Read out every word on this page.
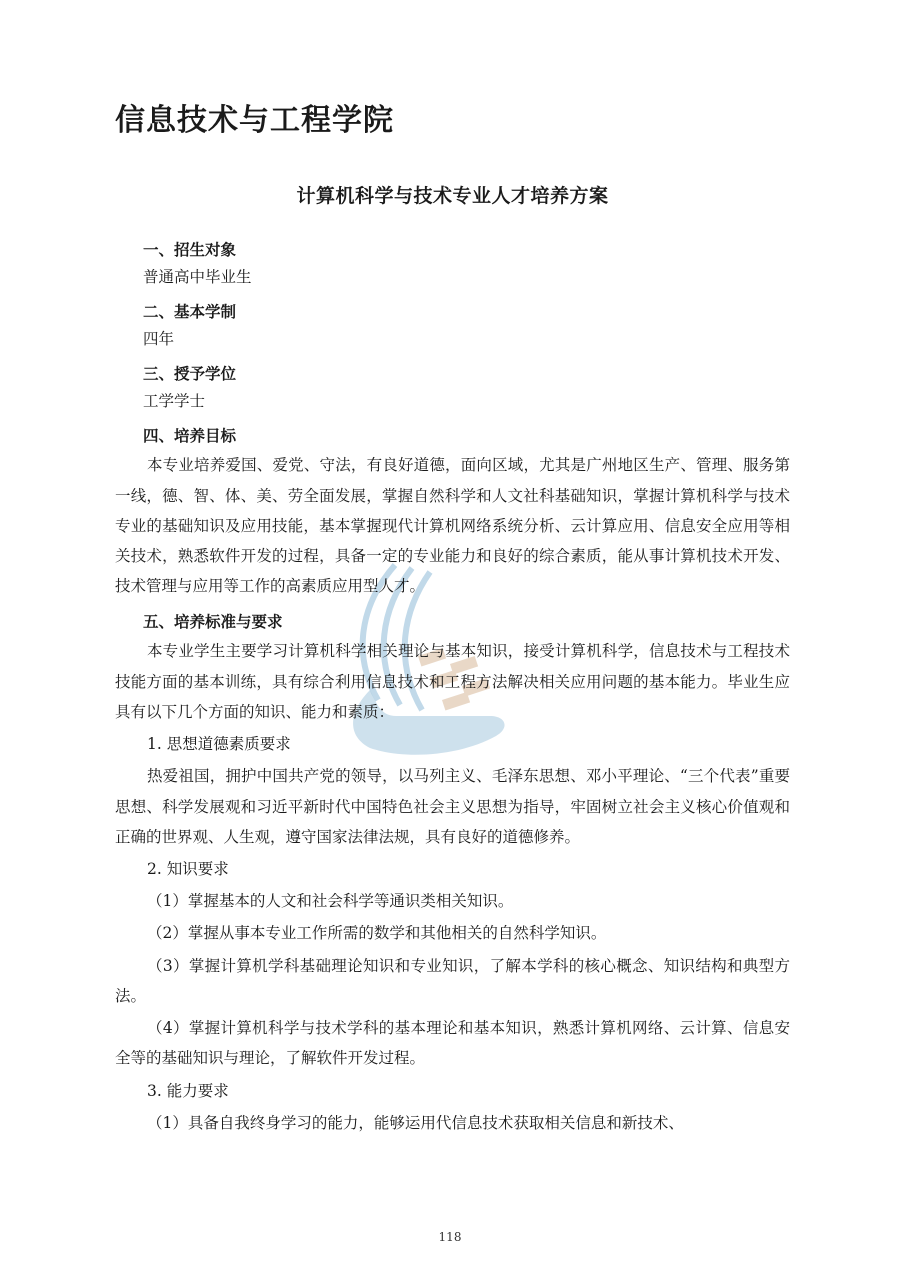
信息技术与工程学院
计算机科学与技术专业人才培养方案
一、招生对象
普通高中毕业生
二、基本学制
四年
三、授予学位
工学学士
四、培养目标

本专业培养爱国、爱党、守法，有良好道德，面向区域，尤其是广州地区生产、管理、服务第一线，德、智、体、美、劳全面发展，掌握自然科学和人文社科基础知识，掌握计算机科学与技术专业的基础知识及应用技能，基本掌握现代计算机网络系统分析、云计算应用、信息安全应用等相关技术，熟悉软件开发的过程，具备一定的专业能力和良好的综合素质，能从事计算机技术开发、技术管理与应用等工作的高素质应用型人才。

五、培养标准与要求

本专业学生主要学习计算机科学相关理论与基本知识，接受计算机科学，信息技术与工程技术技能方面的基本训练，具有综合利用信息技术和工程方法解决相关应用问题的基本能力。毕业生应具有以下几个方面的知识、能力和素质：

1. 思想道德素质要求

热爱祖国，拥护中国共产党的领导，以马列主义、毛泽东思想、邓小平理论、“三个代表”重要思想、科学发展观和习近平新时代中国特色社会主义思想为指导，牢固树立社会主义核心价值观和正确的世界观、人生观，遵守国家法律法规，具有良好的道德修养。

2. 知识要求

（1）掌握基本的人文和社会科学等通识类相关知识。

（2）掌握从事本专业工作所需的数学和其他相关的自然科学知识。

（3）掌握计算机学科基础理论知识和专业知识，了解本学科的核心概念、知识结构和典型方法。

（4）掌握计算机科学与技术学科的基本理论和基本知识，熟悉计算机网络、云计算、信息安全等的基础知识与理论，了解软件开发过程。

3. 能力要求

（1）具备自我终身学习的能力，能够运用代信息技术获取相关信息和新技术、

118
